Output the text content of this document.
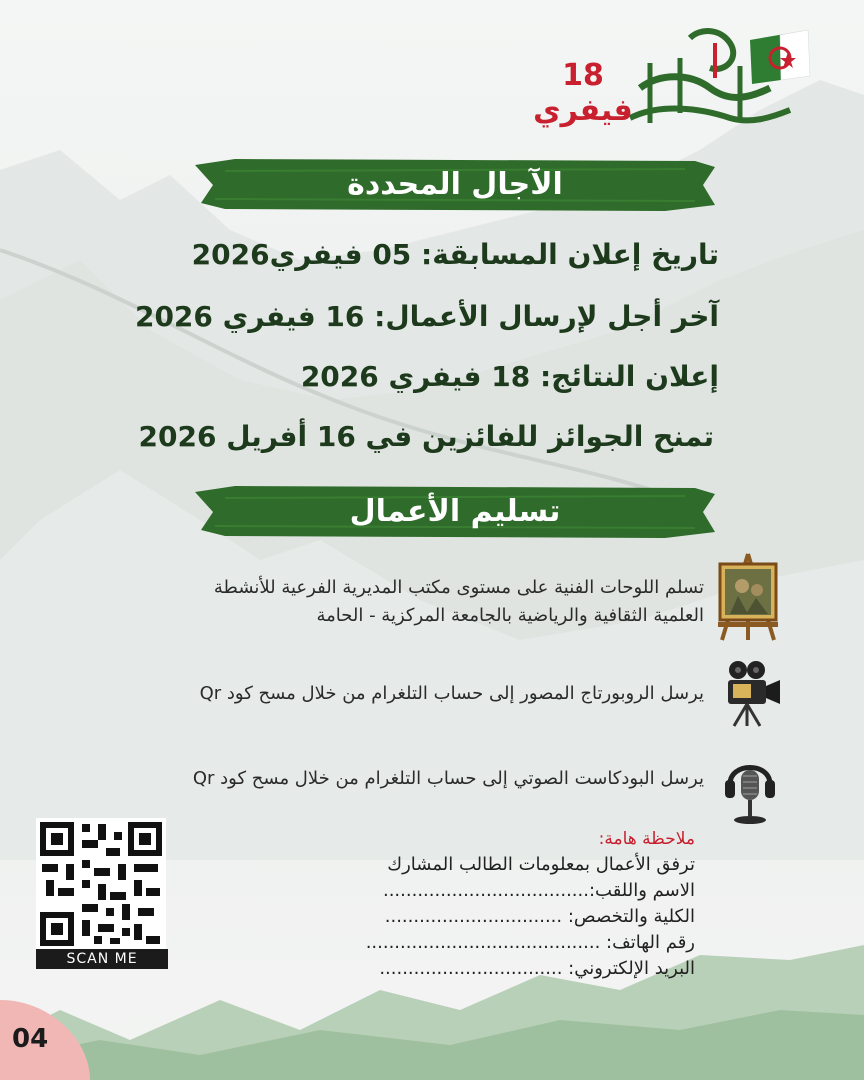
18 فيفري
الآجال المحددة
تاريخ إعلان المسابقة: 05 فيفري2026
آخر أجل لإرسال الأعمال: 16 فيفري 2026
إعلان النتائج: 18 فيفري 2026
تمنح الجوائز للفائزين في 16 أفريل 2026
تسليم الأعمال
تسلم اللوحات الفنية على مستوى مكتب المديرية الفرعية للأنشطة
العلمية الثقافية والرياضية بالجامعة المركزية - الحامة
يرسل الروبورتاج المصور إلى حساب التلغرام من خلال مسح كود Qr
يرسل البودكاست الصوتي إلى حساب التلغرام من خلال مسح كود Qr
SCAN ME
ملاحظة هامة:
ترفق الأعمال بمعلومات الطالب المشارك
الاسم واللقب:....................................
الكلية والتخصص: ...............................
رقم الهاتف: .........................................
البريد الإلكتروني: ................................
04
